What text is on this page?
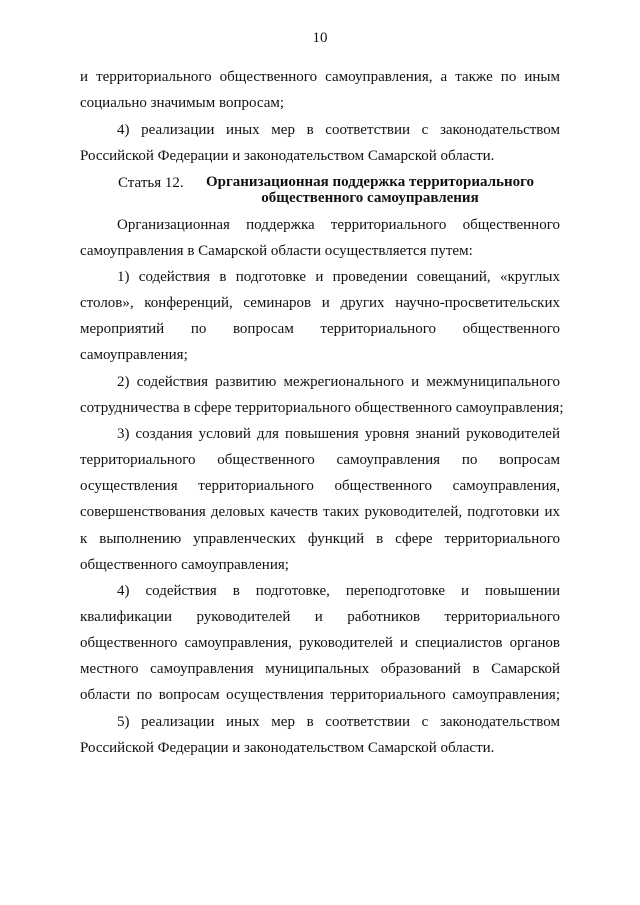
10
и территориального общественного самоуправления, а также по иным
социально значимым вопросам;
4) реализации иных мер в соответствии с законодательством
Российской Федерации и законодательством Самарской области.
Статья 12.	Организационная поддержка территориального
общественного самоуправления
Организационная поддержка территориального общественного
самоуправления в Самарской области осуществляется путем:
1) содействия в подготовке и проведении совещаний, «круглых
столов», конференций, семинаров и других научно-просветительских
мероприятий по вопросам территориального общественного
самоуправления;
2) содействия развитию межрегионального и межмуниципального
сотрудничества в сфере территориального общественного самоуправления;
3) создания условий для повышения уровня знаний руководителей
территориального общественного самоуправления по вопросам
осуществления территориального общественного самоуправления,
совершенствования деловых качеств таких руководителей, подготовки их
к выполнению управленческих функций в сфере территориального
общественного самоуправления;
4) содействия в подготовке, переподготовке и повышении
квалификации руководителей и работников территориального
общественного самоуправления, руководителей и специалистов органов
местного самоуправления муниципальных образований в Самарской
области по вопросам осуществления территориального самоуправления;
5) реализации иных мер в соответствии с законодательством
Российской Федерации и законодательством Самарской области.
